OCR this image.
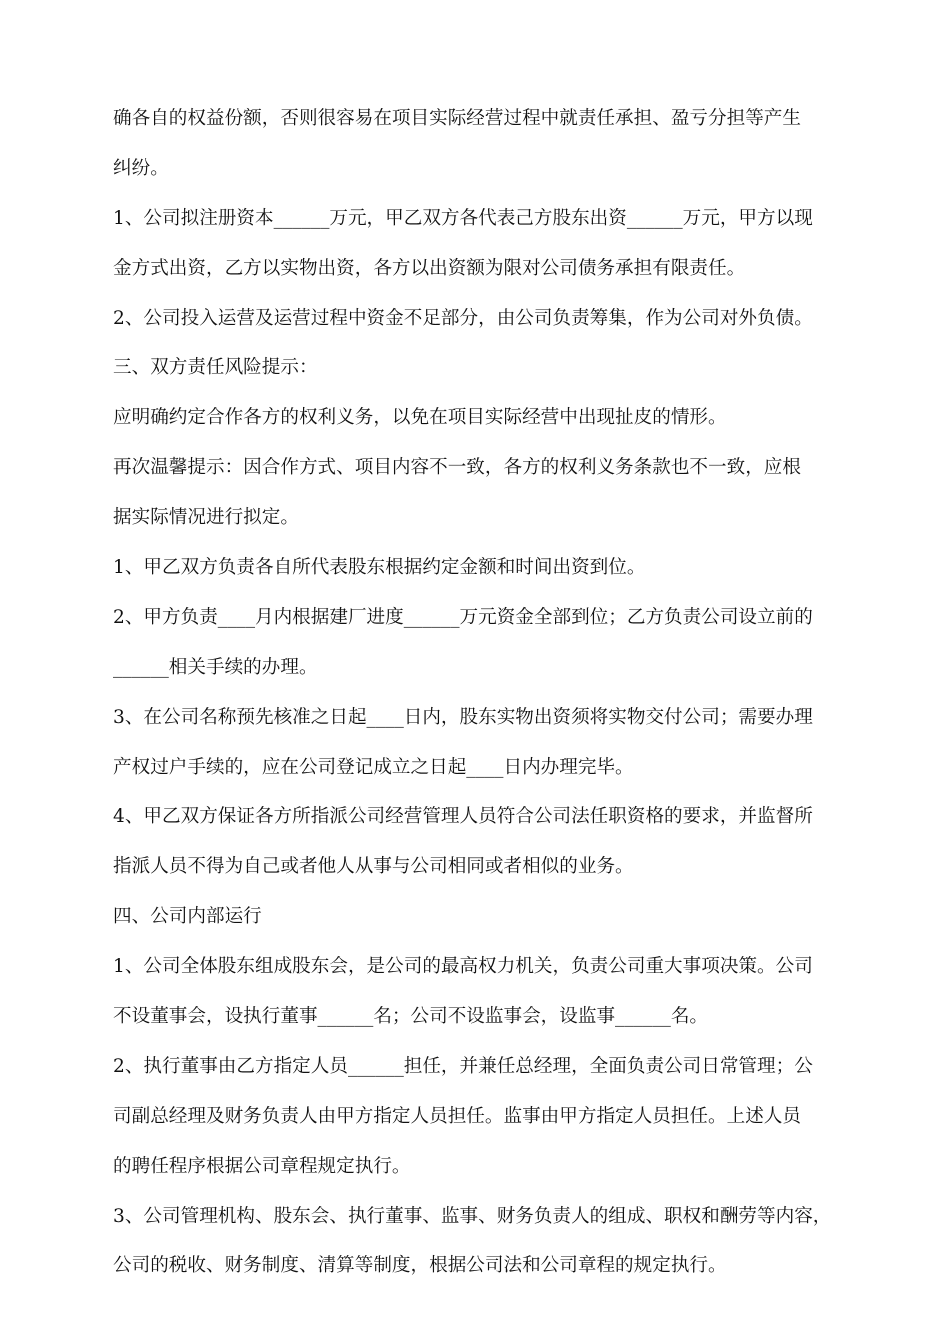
确各自的权益份额，否则很容易在项目实际经营过程中就责任承担、盈亏分担等产生
纠纷。
1、公司拟注册资本______万元，甲乙双方各代表己方股东出资______万元，甲方以现
金方式出资，乙方以实物出资，各方以出资额为限对公司债务承担有限责任。
2、公司投入运营及运营过程中资金不足部分，由公司负责筹集，作为公司对外负债。
三、双方责任风险提示：
应明确约定合作各方的权利义务，以免在项目实际经营中出现扯皮的情形。
再次温馨提示：因合作方式、项目内容不一致，各方的权利义务条款也不一致，应根
据实际情况进行拟定。
1、甲乙双方负责各自所代表股东根据约定金额和时间出资到位。
2、甲方负责____月内根据建厂进度______万元资金全部到位；乙方负责公司设立前的
______相关手续的办理。
3、在公司名称预先核准之日起____日内，股东实物出资须将实物交付公司；需要办理
产权过户手续的，应在公司登记成立之日起____日内办理完毕。
4、甲乙双方保证各方所指派公司经营管理人员符合公司法任职资格的要求，并监督所
指派人员不得为自己或者他人从事与公司相同或者相似的业务。
四、公司内部运行
1、公司全体股东组成股东会，是公司的最高权力机关，负责公司重大事项决策。公司
不设董事会，设执行董事______名；公司不设监事会，设监事______名。
2、执行董事由乙方指定人员______担任，并兼任总经理，全面负责公司日常管理；公
司副总经理及财务负责人由甲方指定人员担任。监事由甲方指定人员担任。上述人员
的聘任程序根据公司章程规定执行。
3、公司管理机构、股东会、执行董事、监事、财务负责人的组成、职权和酬劳等内容，
公司的税收、财务制度、清算等制度，根据公司法和公司章程的规定执行。
